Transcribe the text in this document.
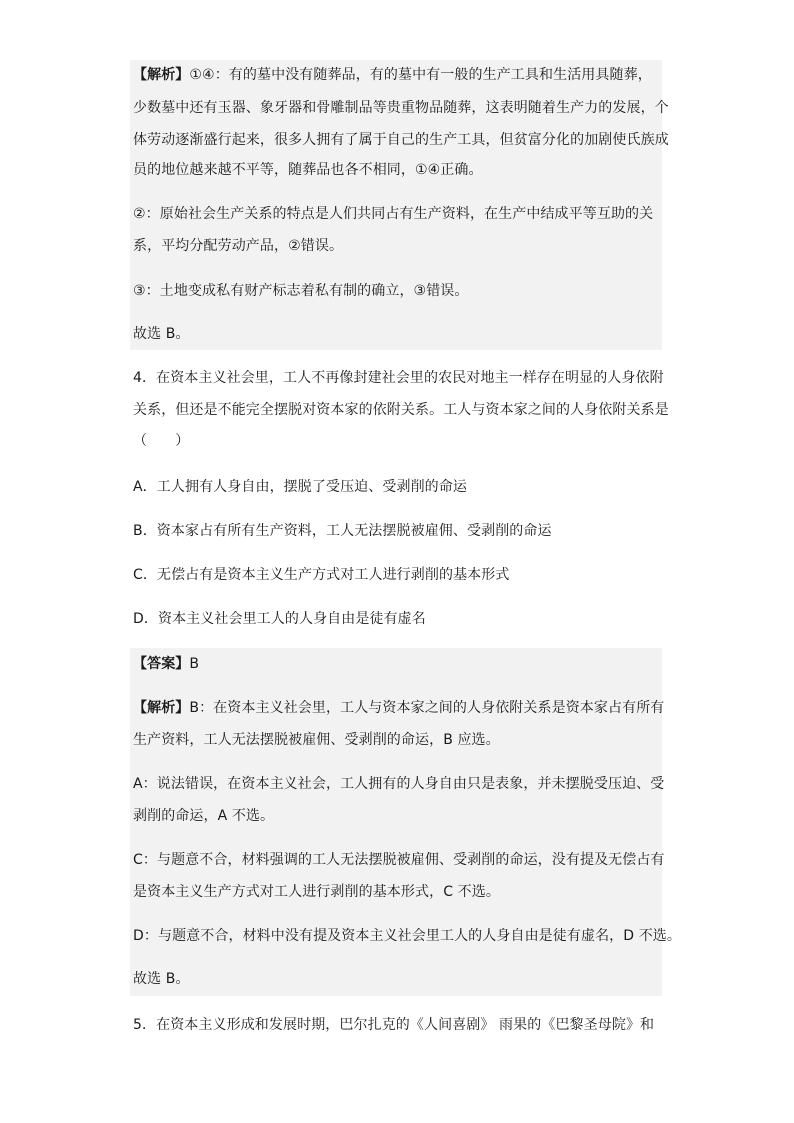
【解析】①④：有的墓中没有随葬品，有的墓中有一般的生产工具和生活用具随葬，
少数墓中还有玉器、象牙器和骨雕制品等贵重物品随葬，这表明随着生产力的发展，个
体劳动逐渐盛行起来，很多人拥有了属于自己的生产工具，但贫富分化的加剧使氏族成
员的地位越来越不平等，随葬品也各不相同，①④正确。
②：原始社会生产关系的特点是人们共同占有生产资料，在生产中结成平等互助的关
系，平均分配劳动产品，②错误。
③：土地变成私有财产标志着私有制的确立，③错误。
故选 B。
4．在资本主义社会里，工人不再像封建社会里的农民对地主一样存在明显的人身依附
关系，但还是不能完全摆脱对资本家的依附关系。工人与资本家之间的人身依附关系是
（　　）
A．工人拥有人身自由，摆脱了受压迫、受剥削的命运
B．资本家占有所有生产资料，工人无法摆脱被雇佣、受剥削的命运
C．无偿占有是资本主义生产方式对工人进行剥削的基本形式
D．资本主义社会里工人的人身自由是徒有虚名
【答案】B
【解析】B：在资本主义社会里，工人与资本家之间的人身依附关系是资本家占有所有
生产资料，工人无法摆脱被雇佣、受剥削的命运，B 应选。
A：说法错误，在资本主义社会，工人拥有的人身自由只是表象，并未摆脱受压迫、受
剥削的命运，A 不选。
C：与题意不合，材料强调的工人无法摆脱被雇佣、受剥削的命运，没有提及无偿占有
是资本主义生产方式对工人进行剥削的基本形式，C 不选。
D：与题意不合，材料中没有提及资本主义社会里工人的人身自由是徒有虚名，D 不选。
故选 B。
5．在资本主义形成和发展时期，巴尔扎克的《人间喜剧》 雨果的《巴黎圣母院》和
